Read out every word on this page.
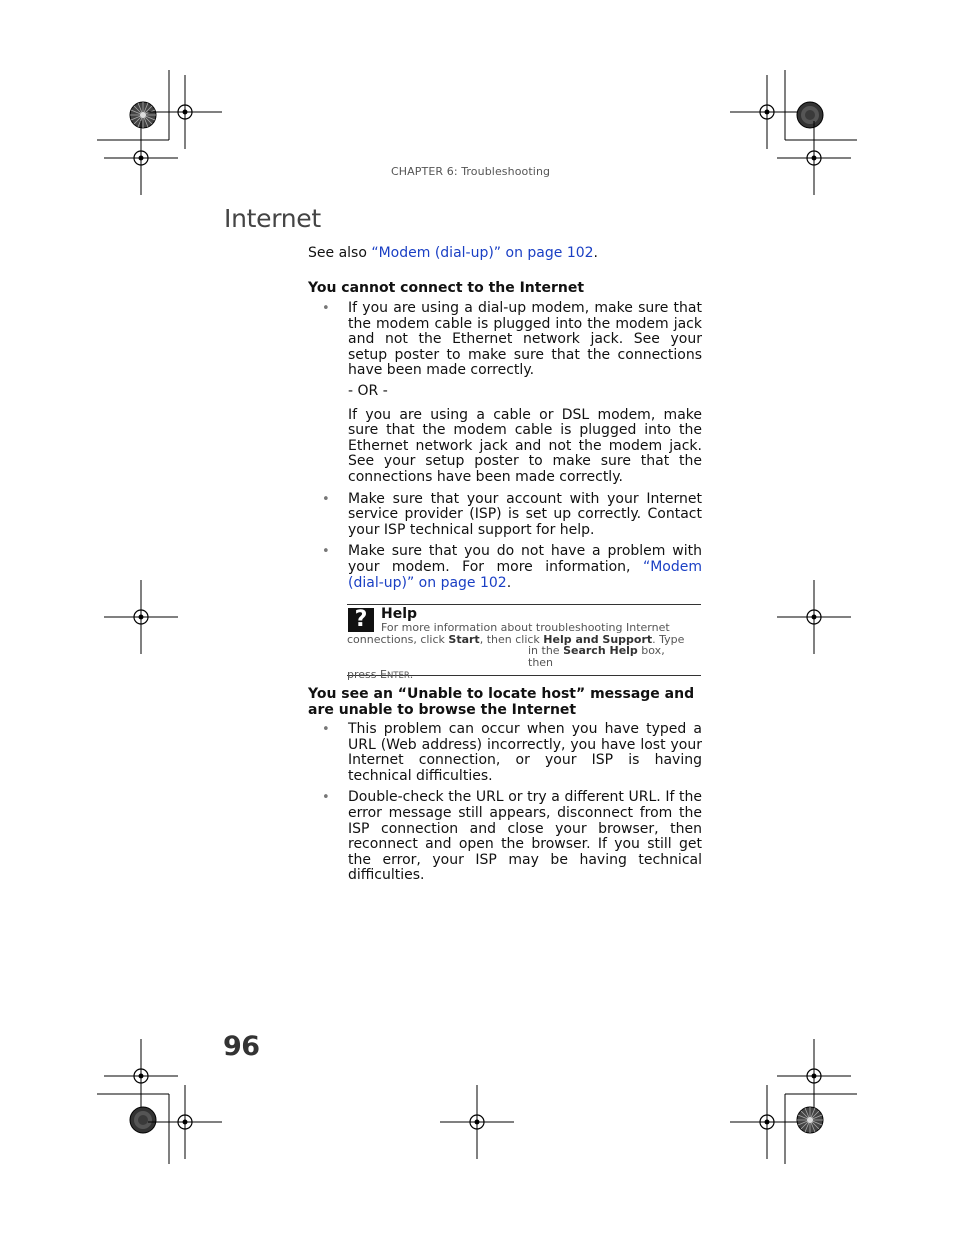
CHAPTER 6: Troubleshooting
Internet
See also “Modem (dial-up)” on page 102.
You cannot connect to the Internet
• If you are using a dial-up modem, make sure that the modem cable is plugged into the modem jack and not the Ethernet network jack. See your setup poster to make sure that the connections have been made correctly.

- OR -

If you are using a cable or DSL modem, make sure that the modem cable is plugged into the Ethernet network jack and not the modem jack. See your setup poster to make sure that the connections have been made correctly.

• Make sure that your account with your Internet service provider (ISP) is set up correctly. Contact your ISP technical support for help.

• Make sure that you do not have a problem with your modem. For more information, “Modem (dial-up)” on page 102.

? Help
For more information about troubleshooting Internet
connections, click Start, then click Help and Support. Type
in the Search Help box, then
press ENTER.
You see an “Unable to locate host” message and are unable to browse the Internet
• This problem can occur when you have typed a URL (Web address) incorrectly, you have lost your Internet connection, or your ISP is having technical difficulties.

• Double-check the URL or try a different URL. If the error message still appears, disconnect from the ISP connection and close your browser, then reconnect and open the browser. If you still get the error, your ISP may be having technical difficulties.

96
